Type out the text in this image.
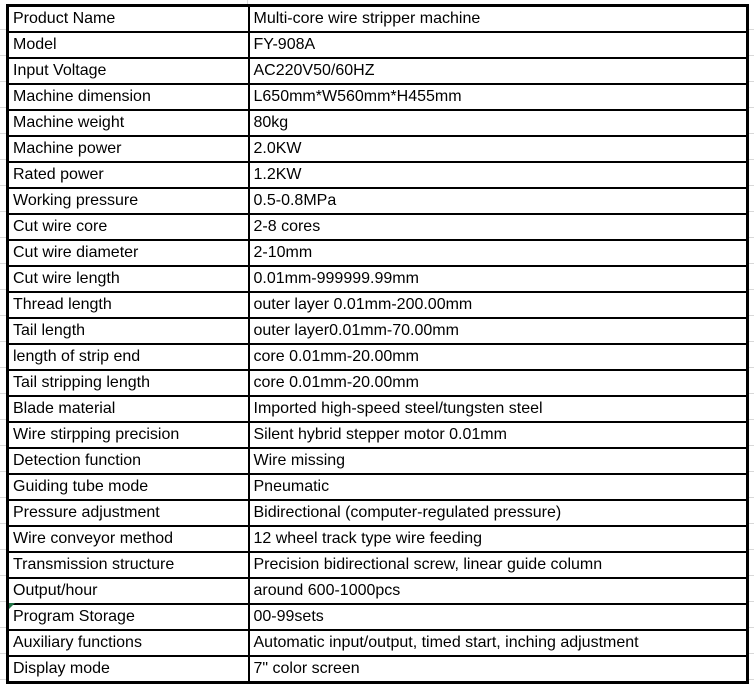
Product Name	Multi-core wire stripper machine
Model	FY-908A
Input Voltage	AC220V50/60HZ
Machine dimension	L650mm*W560mm*H455mm
Machine weight	80kg
Machine power	2.0KW
Rated power	1.2KW
Working pressure	0.5-0.8MPa
Cut wire core	2-8 cores
Cut wire diameter	2-10mm
Cut wire length	0.01mm-999999.99mm
Thread length	outer layer 0.01mm-200.00mm
Tail length	outer layer0.01mm-70.00mm
length of strip end	core 0.01mm-20.00mm
Tail stripping length	core 0.01mm-20.00mm
Blade material	Imported high-speed steel/tungsten steel
Wire stirpping precision	Silent hybrid stepper motor 0.01mm
Detection function	Wire missing
Guiding tube mode	Pneumatic
Pressure adjustment	Bidirectional (computer-regulated pressure)
Wire conveyor method	12 wheel track type wire feeding
Transmission structure	Precision bidirectional screw, linear guide column
Output/hour	around 600-1000pcs
Program Storage	00-99sets
Auxiliary functions	Automatic input/output, timed start, inching adjustment
Display mode	7" color screen
